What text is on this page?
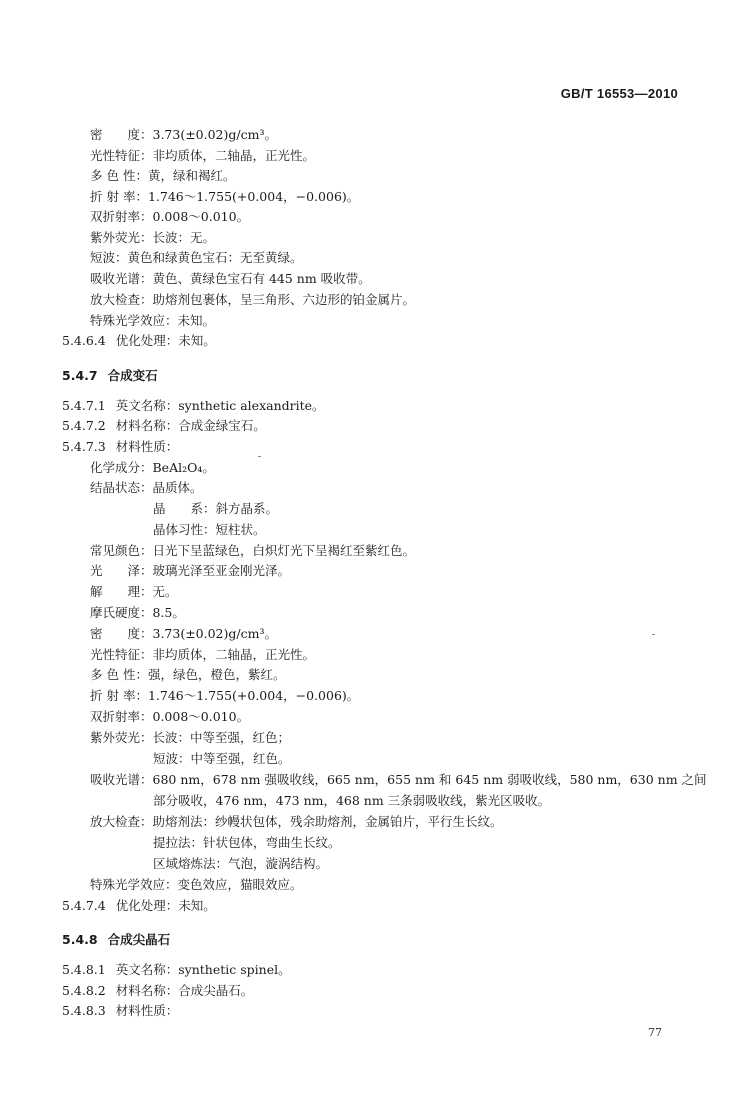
GB/T 16553—2010
密　　度：3.73(±0.02)g/cm³。
光性特征：非均质体，二轴晶，正光性。
多 色 性：黄，绿和褐红。
折 射 率：1.746～1.755(+0.004，−0.006)。
双折射率：0.008～0.010。
紫外荧光：长波：无。
短波：黄色和绿黄色宝石：无至黄绿。
吸收光谱：黄色、黄绿色宝石有 445 nm 吸收带。
放大检查：助熔剂包裹体，呈三角形、六边形的铂金属片。
特殊光学效应：未知。
5.4.6.4 优化处理：未知。
5.4.7 合成变石
5.4.7.1 英文名称：synthetic alexandrite。
5.4.7.2 材料名称：合成金绿宝石。
5.4.7.3 材料性质：
化学成分：BeAl₂O₄。
结晶状态：晶质体。
晶　　系：斜方晶系。
晶体习性：短柱状。
常见颜色：日光下呈蓝绿色，白炽灯光下呈褐红至紫红色。
光　　泽：玻璃光泽至亚金刚光泽。
解　　理：无。
摩氏硬度：8.5。
密　　度：3.73(±0.02)g/cm³。
光性特征：非均质体，二轴晶，正光性。
多 色 性：强，绿色，橙色，紫红。
折 射 率：1.746～1.755(+0.004，−0.006)。
双折射率：0.008～0.010。
紫外荧光：长波：中等至强，红色；
短波：中等至强，红色。
吸收光谱：680 nm，678 nm 强吸收线，665 nm，655 nm 和 645 nm 弱吸收线，580 nm，630 nm 之间
部分吸收，476 nm，473 nm，468 nm 三条弱吸收线，紫光区吸收。
放大检查：助熔剂法：纱幔状包体，残余助熔剂，金属铂片，平行生长纹。
提拉法：针状包体，弯曲生长纹。
区域熔炼法：气泡，漩涡结构。
特殊光学效应：变色效应，猫眼效应。
5.4.7.4 优化处理：未知。
5.4.8 合成尖晶石
5.4.8.1 英文名称：synthetic spinel。
5.4.8.2 材料名称：合成尖晶石。
5.4.8.3 材料性质：
77
